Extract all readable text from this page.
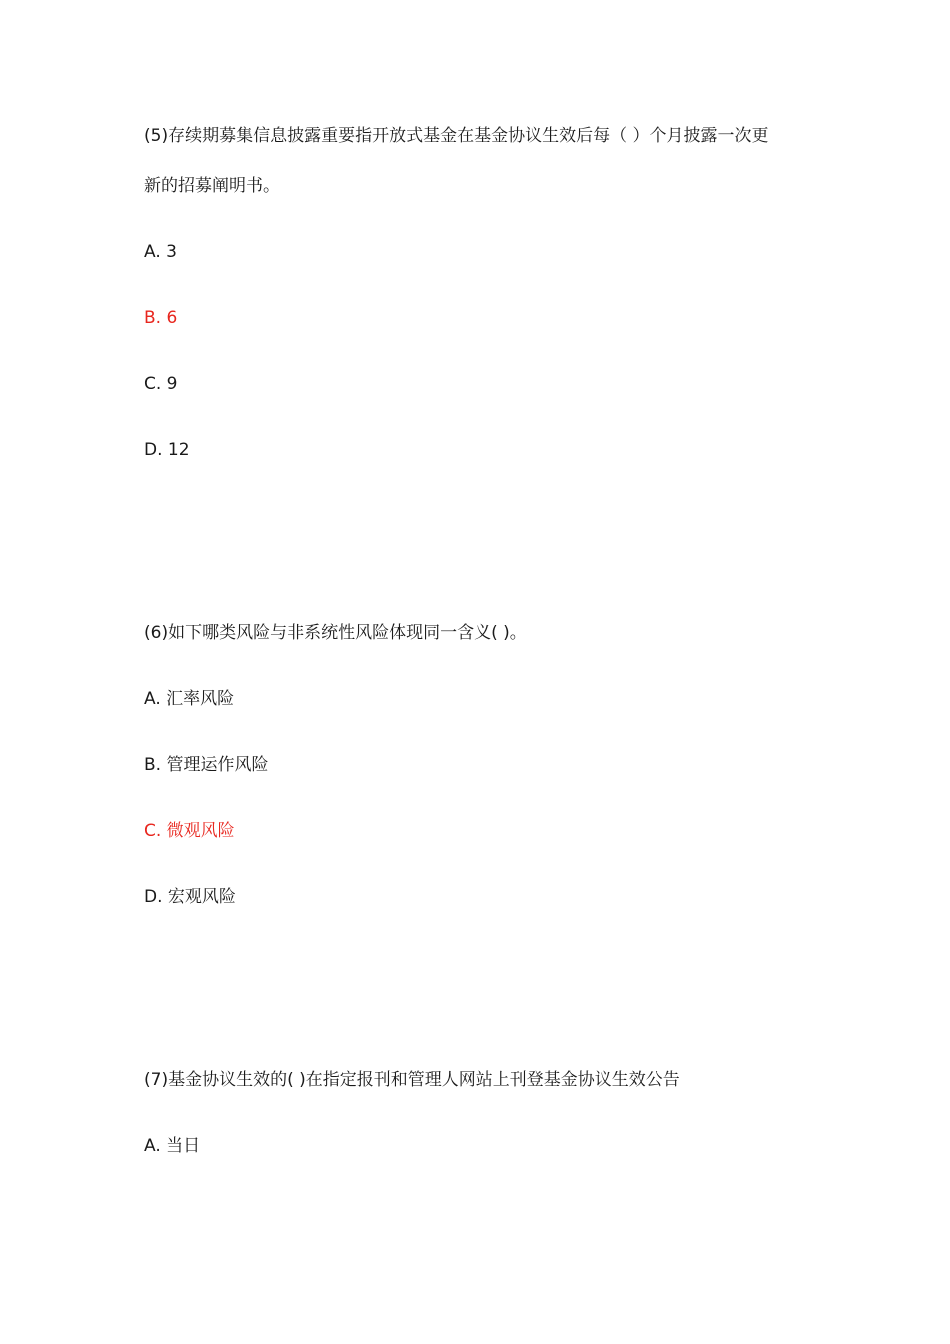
(5)存续期募集信息披露重要指开放式基金在基金协议生效后每（ ）个月披露一次更
新的招募阐明书。
A. 3
B. 6
C. 9
D. 12
(6)如下哪类风险与非系统性风险体现同一含义( )。
A. 汇率风险
B. 管理运作风险
C. 微观风险
D. 宏观风险
(7)基金协议生效的( )在指定报刊和管理人网站上刊登基金协议生效公告
A. 当日
